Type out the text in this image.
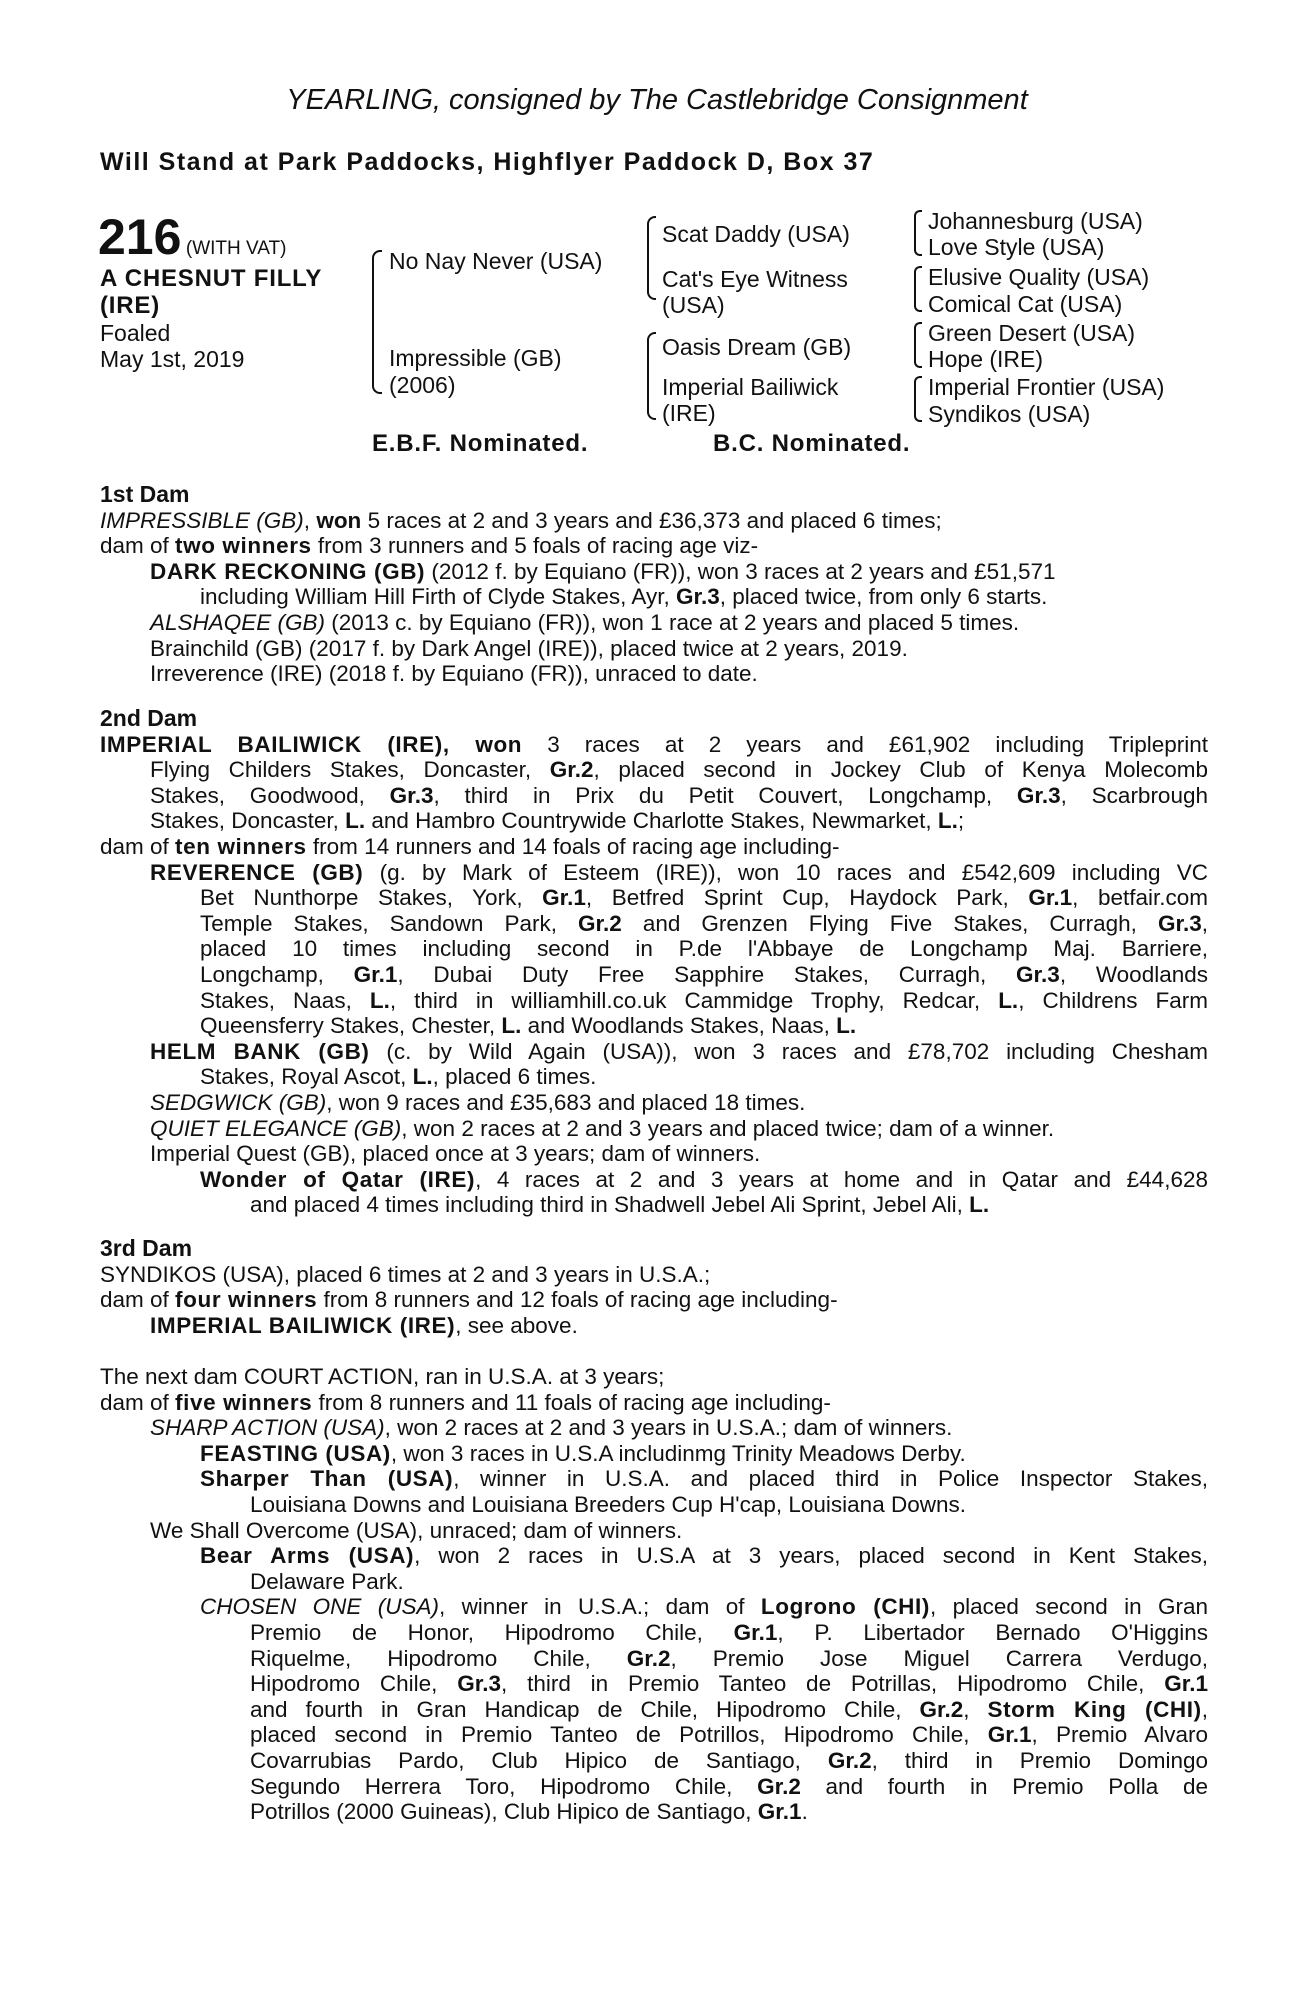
YEARLING, consigned by The Castlebridge Consignment
Will Stand at Park Paddocks, Highflyer Paddock D, Box 37
216 (WITH VAT)
A CHESNUT FILLY
(IRE)
Foaled
May 1st, 2019
No Nay Never (USA)
Impressible (GB)
(2006)
Scat Daddy (USA)
Cat's Eye Witness
(USA)
Oasis Dream (GB)
Imperial Bailiwick
(IRE)
Johannesburg (USA)
Love Style (USA)
Elusive Quality (USA)
Comical Cat (USA)
Green Desert (USA)
Hope (IRE)
Imperial Frontier (USA)
Syndikos (USA)
E.B.F. Nominated.	B.C. Nominated.
1st Dam
IMPRESSIBLE (GB), won 5 races at 2 and 3 years and £36,373 and placed 6 times;
dam of two winners from 3 runners and 5 foals of racing age viz-
DARK RECKONING (GB) (2012 f. by Equiano (FR)), won 3 races at 2 years and £51,571
including William Hill Firth of Clyde Stakes, Ayr, Gr.3, placed twice, from only 6 starts.
ALSHAQEE (GB) (2013 c. by Equiano (FR)), won 1 race at 2 years and placed 5 times.
Brainchild (GB) (2017 f. by Dark Angel (IRE)), placed twice at 2 years, 2019.
Irreverence (IRE) (2018 f. by Equiano (FR)), unraced to date.
2nd Dam
IMPERIAL BAILIWICK (IRE), won 3 races at 2 years and £61,902 including Tripleprint
Flying Childers Stakes, Doncaster, Gr.2, placed second in Jockey Club of Kenya Molecomb
Stakes, Goodwood, Gr.3, third in Prix du Petit Couvert, Longchamp, Gr.3, Scarbrough
Stakes, Doncaster, L. and Hambro Countrywide Charlotte Stakes, Newmarket, L.;
dam of ten winners from 14 runners and 14 foals of racing age including-
REVERENCE (GB) (g. by Mark of Esteem (IRE)), won 10 races and £542,609 including VC
Bet Nunthorpe Stakes, York, Gr.1, Betfred Sprint Cup, Haydock Park, Gr.1, betfair.com
Temple Stakes, Sandown Park, Gr.2 and Grenzen Flying Five Stakes, Curragh, Gr.3,
placed 10 times including second in P.de l'Abbaye de Longchamp Maj. Barriere,
Longchamp, Gr.1, Dubai Duty Free Sapphire Stakes, Curragh, Gr.3, Woodlands
Stakes, Naas, L., third in williamhill.co.uk Cammidge Trophy, Redcar, L., Childrens Farm
Queensferry Stakes, Chester, L. and Woodlands Stakes, Naas, L.
HELM BANK (GB) (c. by Wild Again (USA)), won 3 races and £78,702 including Chesham
Stakes, Royal Ascot, L., placed 6 times.
SEDGWICK (GB), won 9 races and £35,683 and placed 18 times.
QUIET ELEGANCE (GB), won 2 races at 2 and 3 years and placed twice; dam of a winner.
Imperial Quest (GB), placed once at 3 years; dam of winners.
Wonder of Qatar (IRE), 4 races at 2 and 3 years at home and in Qatar and £44,628
and placed 4 times including third in Shadwell Jebel Ali Sprint, Jebel Ali, L.
3rd Dam
SYNDIKOS (USA), placed 6 times at 2 and 3 years in U.S.A.;
dam of four winners from 8 runners and 12 foals of racing age including-
IMPERIAL BAILIWICK (IRE), see above.
The next dam COURT ACTION, ran in U.S.A. at 3 years;
dam of five winners from 8 runners and 11 foals of racing age including-
SHARP ACTION (USA), won 2 races at 2 and 3 years in U.S.A.; dam of winners.
FEASTING (USA), won 3 races in U.S.A includinmg Trinity Meadows Derby.
Sharper Than (USA), winner in U.S.A. and placed third in Police Inspector Stakes,
Louisiana Downs and Louisiana Breeders Cup H'cap, Louisiana Downs.
We Shall Overcome (USA), unraced; dam of winners.
Bear Arms (USA), won 2 races in U.S.A at 3 years, placed second in Kent Stakes,
Delaware Park.
CHOSEN ONE (USA), winner in U.S.A.; dam of Logrono (CHI), placed second in Gran
Premio de Honor, Hipodromo Chile, Gr.1, P. Libertador Bernado O'Higgins
Riquelme, Hipodromo Chile, Gr.2, Premio Jose Miguel Carrera Verdugo,
Hipodromo Chile, Gr.3, third in Premio Tanteo de Potrillas, Hipodromo Chile, Gr.1
and fourth in Gran Handicap de Chile, Hipodromo Chile, Gr.2, Storm King (CHI),
placed second in Premio Tanteo de Potrillos, Hipodromo Chile, Gr.1, Premio Alvaro
Covarrubias Pardo, Club Hipico de Santiago, Gr.2, third in Premio Domingo
Segundo Herrera Toro, Hipodromo Chile, Gr.2 and fourth in Premio Polla de
Potrillos (2000 Guineas), Club Hipico de Santiago, Gr.1.
